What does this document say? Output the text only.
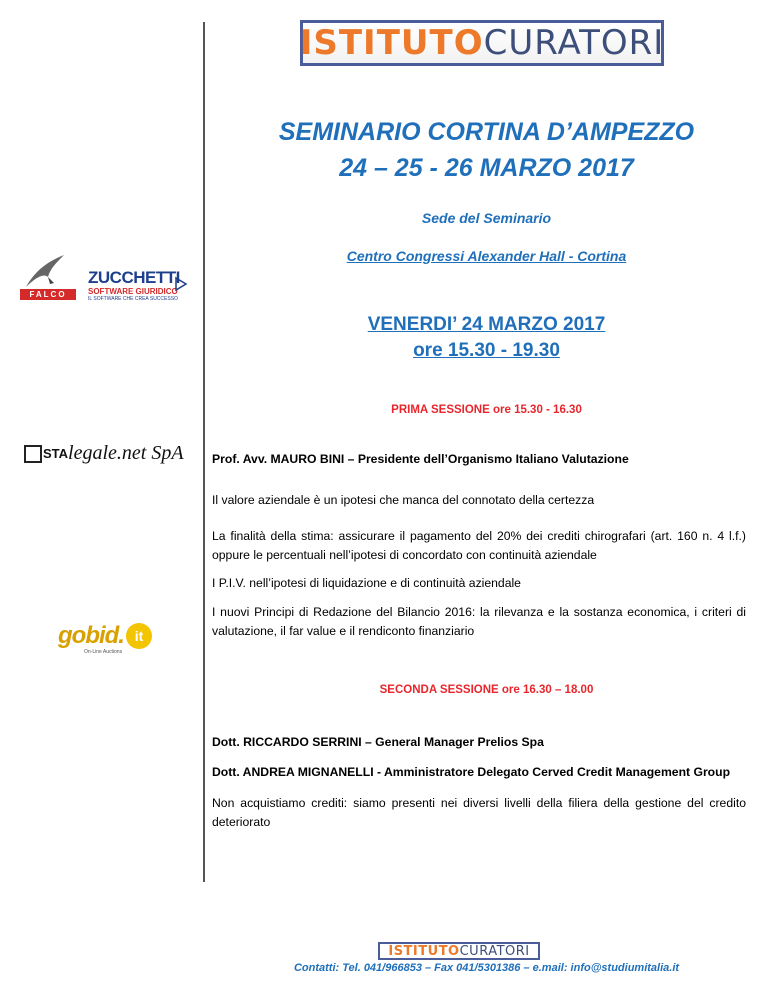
ISTITUTO CURATORI
SEMINARIO CORTINA D’AMPEZZO
24 – 25 - 26 MARZO 2017
Sede del Seminario
Centro Congressi Alexander Hall - Cortina
VENERDI’ 24 MARZO 2017
ore 15.30 - 19.30
PRIMA SESSIONE ore 15.30 - 16.30
Prof. Avv. MAURO BINI – Presidente dell’Organismo Italiano Valutazione
Il valore aziendale è un ipotesi che manca del connotato della certezza
La finalità della stima: assicurare il pagamento del 20% dei crediti chirografari (art. 160 n. 4 l.f.) oppure le percentuali nell’ipotesi di concordato con continuità aziendale
I P.I.V. nell’ipotesi di liquidazione e di continuità aziendale
I nuovi Principi di Redazione del Bilancio 2016: la rilevanza e la sostanza economica, i criteri di valutazione, il far value e il rendiconto finanziario
SECONDA SESSIONE ore 16.30 – 18.00
Dott. RICCARDO SERRINI – General Manager Prelios Spa
Dott. ANDREA MIGNANELLI - Amministratore Delegato Cerved Credit Management Group
Non acquistiamo crediti: siamo presenti nei diversi livelli della filiera della gestione del credito deteriorato
FALCO
ZUCCHETTI
SOFTWARE GIURIDICO
IL SOFTWARE CHE CREA SUCCESSO
STA legale.net SpA
gobid. it
On-Line Auctions
ISTITUTO CURATORI
Contatti: Tel. 041/966853 – Fax 041/5301386 – e.mail: info@studiumitalia.it
